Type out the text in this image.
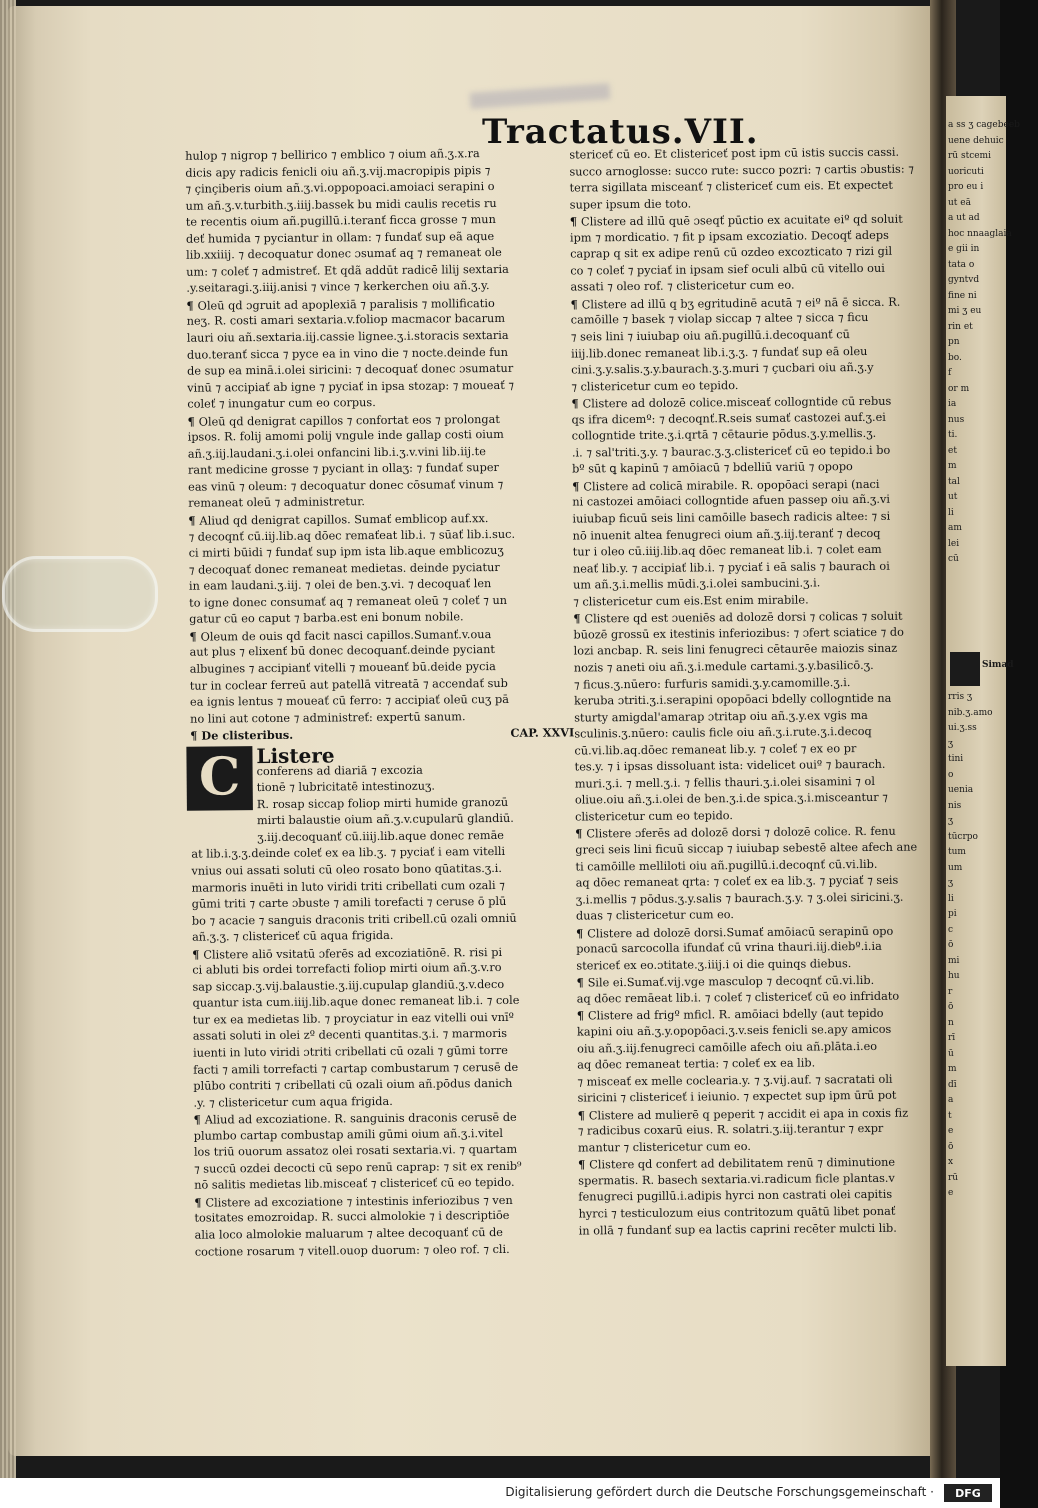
Tractatus.VII.
hulop ⁊ nigrop ⁊ bellirico ⁊ emblico ⁊ oium añ.ʒ.x.ra
dicis apy radicis fenicli oiu añ.ʒ.vij.macropipis pipis ⁊
⁊ çinçiberis oium añ.ʒ.vi.oppopoaci.amoiaci serapini o
um añ.ʒ.v.turbith.ʒ.iiij.bassek bu midi caulis recetis ru
te recentis oium añ.pugillū.i.teranť ficca grosse ⁊ mun
deť humida ⁊ pyciantur in ollam: ⁊ fundať sup eã aque
lib.xxiiij. ⁊ decoquatur donec ɔsumať aq ⁊ remaneat ole
um: ⁊ coleť ⁊ admistreť. Et qdã addūt radicē lilij sextaria
.y.seitaragi.ʒ.iiij.anisi ⁊ vince ⁊ kerkerchen oiu añ.ʒ.y.
¶ Oleū qd ɔgruit ad apoplexiā ⁊ paralisis ⁊ mollificatio
neʒ. R. costi amari sextaria.v.foliop macmacor bacarum
lauri oiu añ.sextaria.iij.cassie lignee.ʒ.i.storacis sextaria
duo.teranť sicca ⁊ pyce ea in vino die ⁊ nocte.deinde fun
de sup ea minā.i.olei siricini: ⁊ decoquať donec ɔsumatur
vinū ⁊ accipiať ab igne ⁊ pyciať in ipsa stozap: ⁊ moueať ⁊
coleť ⁊ inungatur cum eo corpus.
¶ Oleū qd denigrat capillos ⁊ confortat eos ⁊ prolongat
ipsos. R. folij amomi polij vngule inde gallap costi oium
añ.ʒ.iij.laudani.ʒ.i.olei onfancini lib.i.ʒ.v.vini lib.iij.te
rant medicine grosse ⁊ pyciant in ollaʒ: ⁊ fundať super
eas vinū ⁊ oleum: ⁊ decoquatur donec cōsumať vinum ⁊
remaneat oleū ⁊ administretur.
¶ Aliud qd denigrat capillos. Sumať emblicop auf.xx.
⁊ decoqnť cū.iij.lib.aq dōec remaťeat lib.i. ⁊ sūať lib.i.suc.
ci mirti būidi ⁊ fundať sup ipm ista lib.aque emblicozuʒ
⁊ decoquať donec remaneat medietas. deinde pyciatur
in eam laudani.ʒ.iij. ⁊ olei de ben.ʒ.vi. ⁊ decoquať len
to igne donec consumať aq ⁊ remaneat oleū ⁊ coleť ⁊ un
gatur cū eo caput ⁊ barba.est eni bonum nobile.
¶ Oleum de ouis qd facit nasci capillos.Sumanť.v.oua
aut plus ⁊ elixenť bū donec decoquanť.deinde pyciant
albugines ⁊ accipianť vitelli ⁊ moueanť bū.deide pycia
tur in coclear ferreū aut patellā vitreatā ⁊ accendať sub
ea ignis lentus ⁊ moueať cū ferro: ⁊ accipiať oleū cuʒ pā
no lini aut cotone ⁊ administreť: expertū sanum.
¶ De clisteribus.	CAP. XXVI
C Listere
conferens ad diariā ⁊ excozia
tionē ⁊ lubricitatē intestinozuʒ.
R. rosap siccap foliop mirti humide granozū
mirti balaustie oium añ.ʒ.v.cupularū glandiū.
ʒ.iij.decoquanť cū.iiij.lib.aque donec remāe
at lib.i.ʒ.ʒ.deinde coleť ex ea lib.ʒ. ⁊ pyciať i eam vitelli
vnius oui assati soluti cū oleo rosato bono qūatitas.ʒ.i.
marmoris inuēti in luto viridi triti cribellati cum ozali ⁊
gūmi triti ⁊ carte ɔbuste ⁊ amili torefacti ⁊ ceruse ō plū
bo ⁊ acacie ⁊ sanguis draconis triti cribell.cū ozali omniū
añ.ʒ.ʒ. ⁊ clistericeť cū aqua frigida.
¶ Clistere aliō vsitatū ɔferēs ad excoziatiōnē. R. risi pi
ci abluti bis ordei torrefacti foliop mirti oium añ.ʒ.v.ro
sap siccap.ʒ.vij.balaustie.ʒ.iij.cupulap glandiū.ʒ.v.deco
quantur ista cum.iiij.lib.aque donec remaneat lib.i. ⁊ cole
tur ex ea medietas lib. ⁊ proyciatur in eaz vitelli oui vnīº
assati soluti in olei zº decenti quantitas.ʒ.i. ⁊ marmoris
iuenti in luto viridi ɔtriti cribellati cū ozali ⁊ gūmi torre
facti ⁊ amili torrefacti ⁊ cartap combustarum ⁊ cerusē de
plūbo contriti ⁊ cribellati cū ozali oium añ.pōdus danich
.y. ⁊ clistericetur cum aqua frigida.
¶ Aliud ad excoziatione. R. sanguinis draconis cerusē de
plumbo cartap combustap amili gūmi oium añ.ʒ.i.vitel
los triū ouorum assatoz olei rosati sextaria.vi. ⁊ quartam
⁊ succū ozdei decocti cū sepo renū caprap: ⁊ sit ex renib⁹
nō salitis medietas lib.misceať ⁊ clistericeť cū eo tepido.
¶ Clistere ad excoziatione ⁊ intestinis inferiozibus ⁊ ven
tositates emozroidap. R. succi almolokie ⁊ i descriptiōe
alia loco almolokie maluarum ⁊ altee decoquanť cū de
coctione rosarum ⁊ vitell.ouop duorum: ⁊ oleo rof. ⁊ cli.
stericeť cū eo. Et clistericeť post ipm cū istis succis cassi.
succo arnoglosse: succo rute: succo pozri: ⁊ cartis ɔbustis: ⁊
terra sigillata misceanť ⁊ clistericeť cum eis. Et expectet
super ipsum die toto.
¶ Clistere ad illū quē ɔseqť pūctio ex acuitate eiº qd soluit
ipm ⁊ mordicatio. ⁊ fit p ipsam excoziatio. Decoqť adeps
caprap q sit ex adipe renū cū ozdeo excozticato ⁊ rizi gil
co ⁊ coleť ⁊ pyciať in ipsam sief oculi albū cū vitello oui
assati ⁊ oleo rof. ⁊ clistericetur cum eo.
¶ Clistere ad illū q bʒ egritudinē acutā ⁊ eiº nā ē sicca. R.
camōille ⁊ basek ⁊ violap siccap ⁊ altee ⁊ sicca ⁊ ficu
⁊ seis lini ⁊ iuiubap oiu añ.pugillū.i.decoquanť cū
iiij.lib.donec remaneat lib.i.ʒ.ʒ. ⁊ fundať sup eā oleu
cini.ʒ.y.salis.ʒ.y.baurach.ʒ.ʒ.muri ⁊ çucbari oiu añ.ʒ.y
⁊ clistericetur cum eo tepido.
¶ Clistere ad dolozē colice.misceať collogntide cū rebus
qs ifra dicemº: ⁊ decoqnť.R.seis sumať castozei auf.ʒ.ei
collogntide trite.ʒ.i.qrtā ⁊ cētaurie pōdus.ʒ.y.mellis.ʒ.
.i. ⁊ sal'triti.ʒ.y. ⁊ baurac.ʒ.ʒ.clistericeť cū eo tepido.i bo
bº sūt ꝗ kapinū ⁊ amōiacū ⁊ bdelliū variū ⁊ opopo
¶ Clistere ad colicā mirabile. R. opopōaci serapi (naci
ni castozei amōiaci collogntide afuen passep oiu añ.ʒ.vi
iuiubap ficuū seis lini camōille basech radicis altee: ⁊ si
nō inuenit altea fenugreci oium añ.ʒ.iij.teranť ⁊ decoq
tur i oleo cū.iiij.lib.aq dōec remaneat lib.i. ⁊ colet eam
neať lib.y. ⁊ accipiať lib.i. ⁊ pyciať i eā salis ⁊ baurach oi
um añ.ʒ.i.mellis mūdi.ʒ.i.olei sambucini.ʒ.i.
⁊ clistericetur cum eis.Est enim mirabile.
¶ Clistere qd est ɔueniēs ad dolozē dorsi ⁊ colicas ⁊ soluit
būozē grossū ex itestinis inferiozibus: ⁊ ɔfert sciatice ⁊ do
lozi ancbap. R. seis lini fenugreci cētaurēe maiozis sinaz
nozis ⁊ aneti oiu añ.ʒ.i.medule cartami.ʒ.y.basilicō.ʒ.
⁊ ficus.ʒ.nūero: furfuris samidi.ʒ.y.camomille.ʒ.i.
keruba ɔtriti.ʒ.i.serapini opopōaci bdelly collogntide na
sturty amigdal'amarap ɔtritap oiu añ.ʒ.y.ex vgis ma
sculinis.ʒ.nūero: caulis ficle oiu añ.ʒ.i.rute.ʒ.i.decoq
cū.vi.lib.aq.dōec remaneat lib.y. ⁊ coleť ⁊ ex eo pr
tes.y. ⁊ i ipsas dissoluant ista: videlicet ouiº ⁊ baurach.
muri.ʒ.i. ⁊ mell.ʒ.i. ⁊ fellis thauri.ʒ.i.olei sisamini ⁊ ol
oliue.oiu añ.ʒ.i.olei de ben.ʒ.i.de spica.ʒ.i.misceantur ⁊
clistericetur cum eo tepido.
¶ Clistere ɔferēs ad dolozē dorsi ⁊ dolozē colice. R. fenu
greci seis lini ficuū siccap ⁊ iuiubap sebestē altee afech ane
ti camōille melliloti oiu añ.pugillū.i.decoqnť cū.vi.lib.
aq dōec remaneat qrta: ⁊ coleť ex ea lib.ʒ. ⁊ pyciať ⁊ seis
ʒ.i.mellis ⁊ pōdus.ʒ.y.salis ⁊ baurach.ʒ.y. ⁊ ʒ.olei siricini.ʒ.
duas ⁊ clistericetur cum eo.
¶ Clistere ad dolozē dorsi.Sumať amōiacū serapinū opo
ponacū sarcocolla ifundať cū vrina thauri.iij.diebº.i.ia
stericeť ex eo.ɔtitate.ʒ.iiij.i oi die quinqs diebus.
¶ Sile ei.Sumať.vij.vge masculop ⁊ decoqnť cū.vi.lib.
aq dōec remāeat lib.i. ⁊ coleť ⁊ clistericeť cū eo infridato
¶ Clistere ad frigº mficl. R. amōiaci bdelly (aut tepido
kapini oiu añ.ʒ.y.opopōaci.ʒ.v.seis fenicli se.apy amicos
oiu añ.ʒ.iij.fenugreci camōille afech oiu añ.plāta.i.eo
aq dōec remaneat tertia: ⁊ coleť ex ea lib.
⁊ misceať ex melle coclearia.y. ⁊ ʒ.vij.auf. ⁊ sacratati oli
siricini ⁊ clistericeť i ieiunio. ⁊ expectet sup ipm ūrū pot
¶ Clistere ad mulierē q peperit ⁊ accidit ei apa in coxis fiz
⁊ radicibus coxarū eius. R. solatri.ʒ.iij.terantur ⁊ expr
mantur ⁊ clistericetur cum eo.
¶ Clistere qd confert ad debilitatem renū ⁊ diminutione
spermatis. R. basech sextaria.vi.radicum ficle plantas.v
fenugreci pugillū.i.adipis hyrci non castrati olei capitis
hyrci ⁊ testiculozum eius contritozum quātū libet ponať
in ollā ⁊ fundanť sup ea lactis caprini recēter mulcti lib.
a ss ʒ cagebeeb
uene dehuic
rū stcemi
uoricuti
pro eu i
ut eā
a ut ad
hoc nnaaglaia
e gii in
tata o
gyntvd
fine ni
mi ʒ eu
rin et
pn
bo.
f
or m
ia
nus
ti.
et
m
tal
ut
li
am
lei
cū
Simad
rris ʒ
nib.ʒ.amo
ui.ʒ.ss
ʒ
tini
o
uenia
nis
ʒ
tūcrpo
tum
um
ʒ
li
pi
c
ō
mi
hu
r
ō
n
rī
ū
m
dī
a
t
e
ō
x
rū
e
Digitalisierung gefördert durch die Deutsche Forschungsgemeinschaft ·	DFG
